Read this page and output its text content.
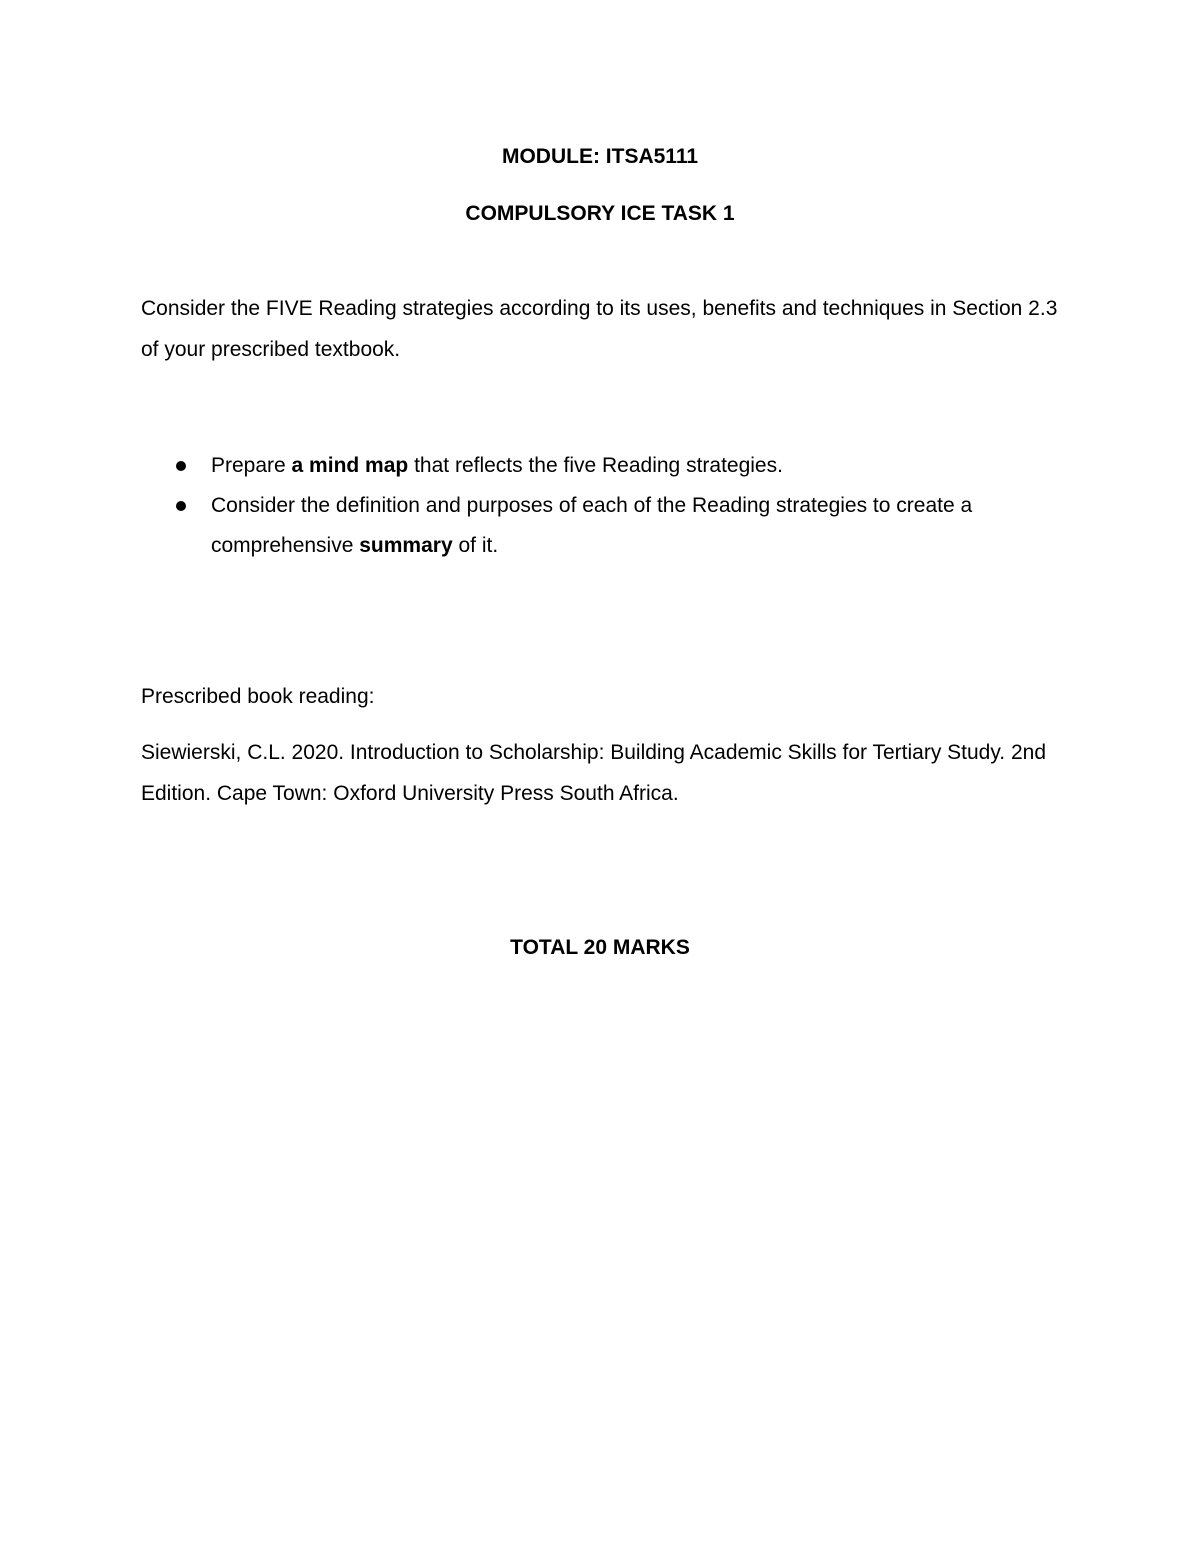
MODULE: ITSA5111

COMPULSORY ICE TASK 1

Consider the FIVE Reading strategies according to its uses, benefits and techniques in Section 2.3 of your prescribed textbook.

Prepare a mind map that reflects the five Reading strategies.
Consider the definition and purposes of each of the Reading strategies to create a comprehensive summary of it.

Prescribed book reading:

Siewierski, C.L. 2020. Introduction to Scholarship: Building Academic Skills for Tertiary Study. 2nd Edition. Cape Town: Oxford University Press South Africa.

TOTAL 20 MARKS
